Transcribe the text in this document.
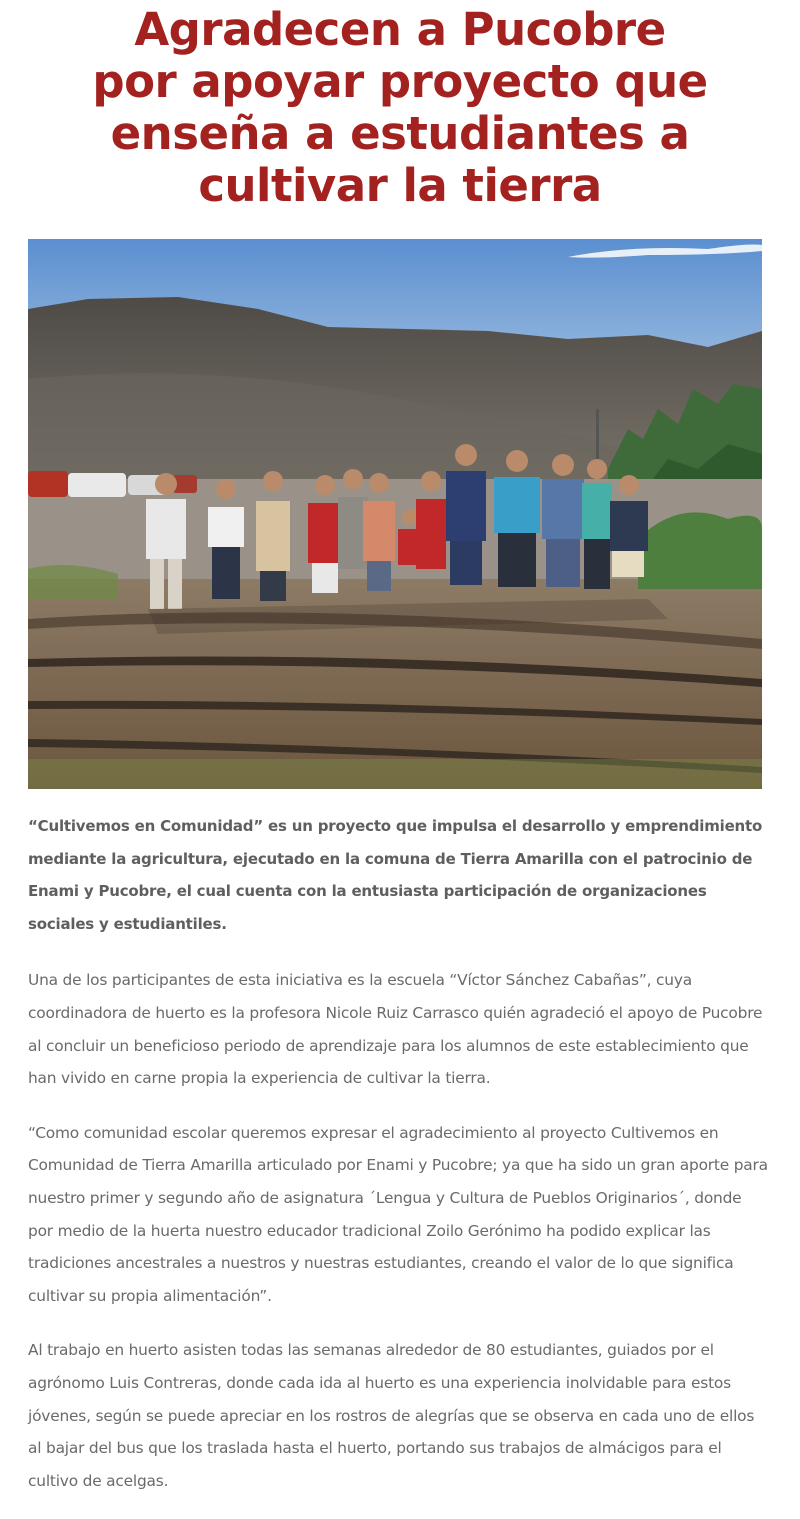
Agradecen a Pucobre por apoyar proyecto que enseña a estudiantes a cultivar la tierra

“Cultivemos en Comunidad” es un proyecto que impulsa el desarrollo y emprendimiento mediante la agricultura, ejecutado en la comuna de Tierra Amarilla con el patrocinio de Enami y Pucobre, el cual cuenta con la entusiasta participación de organizaciones sociales y estudiantiles.

Una de los participantes de esta iniciativa es la escuela “Víctor Sánchez Cabañas”, cuya coordinadora de huerto es la profesora Nicole Ruiz Carrasco quién agradeció el apoyo de Pucobre al concluir un beneficioso periodo de aprendizaje para los alumnos de este establecimiento que han vivido en carne propia la experiencia de cultivar la tierra.

“Como comunidad escolar queremos expresar el agradecimiento al proyecto Cultivemos en Comunidad de Tierra Amarilla articulado por Enami y Pucobre; ya que ha sido un gran aporte para nuestro primer y segundo año de asignatura ´Lengua y Cultura de Pueblos Originarios´, donde por medio de la huerta nuestro educador tradicional Zoilo Gerónimo ha podido explicar las tradiciones ancestrales a nuestros y nuestras estudiantes, creando el valor de lo que significa cultivar su propia alimentación”.

Al trabajo en huerto asisten todas las semanas alrededor de 80 estudiantes, guiados por el agrónomo Luis Contreras, donde cada ida al huerto es una experiencia inolvidable para estos jóvenes, según se puede apreciar en los rostros de alegrías que se observa en cada uno de ellos al bajar del bus que los traslada hasta el huerto, portando sus trabajos de almácigos para el cultivo de acelgas.
